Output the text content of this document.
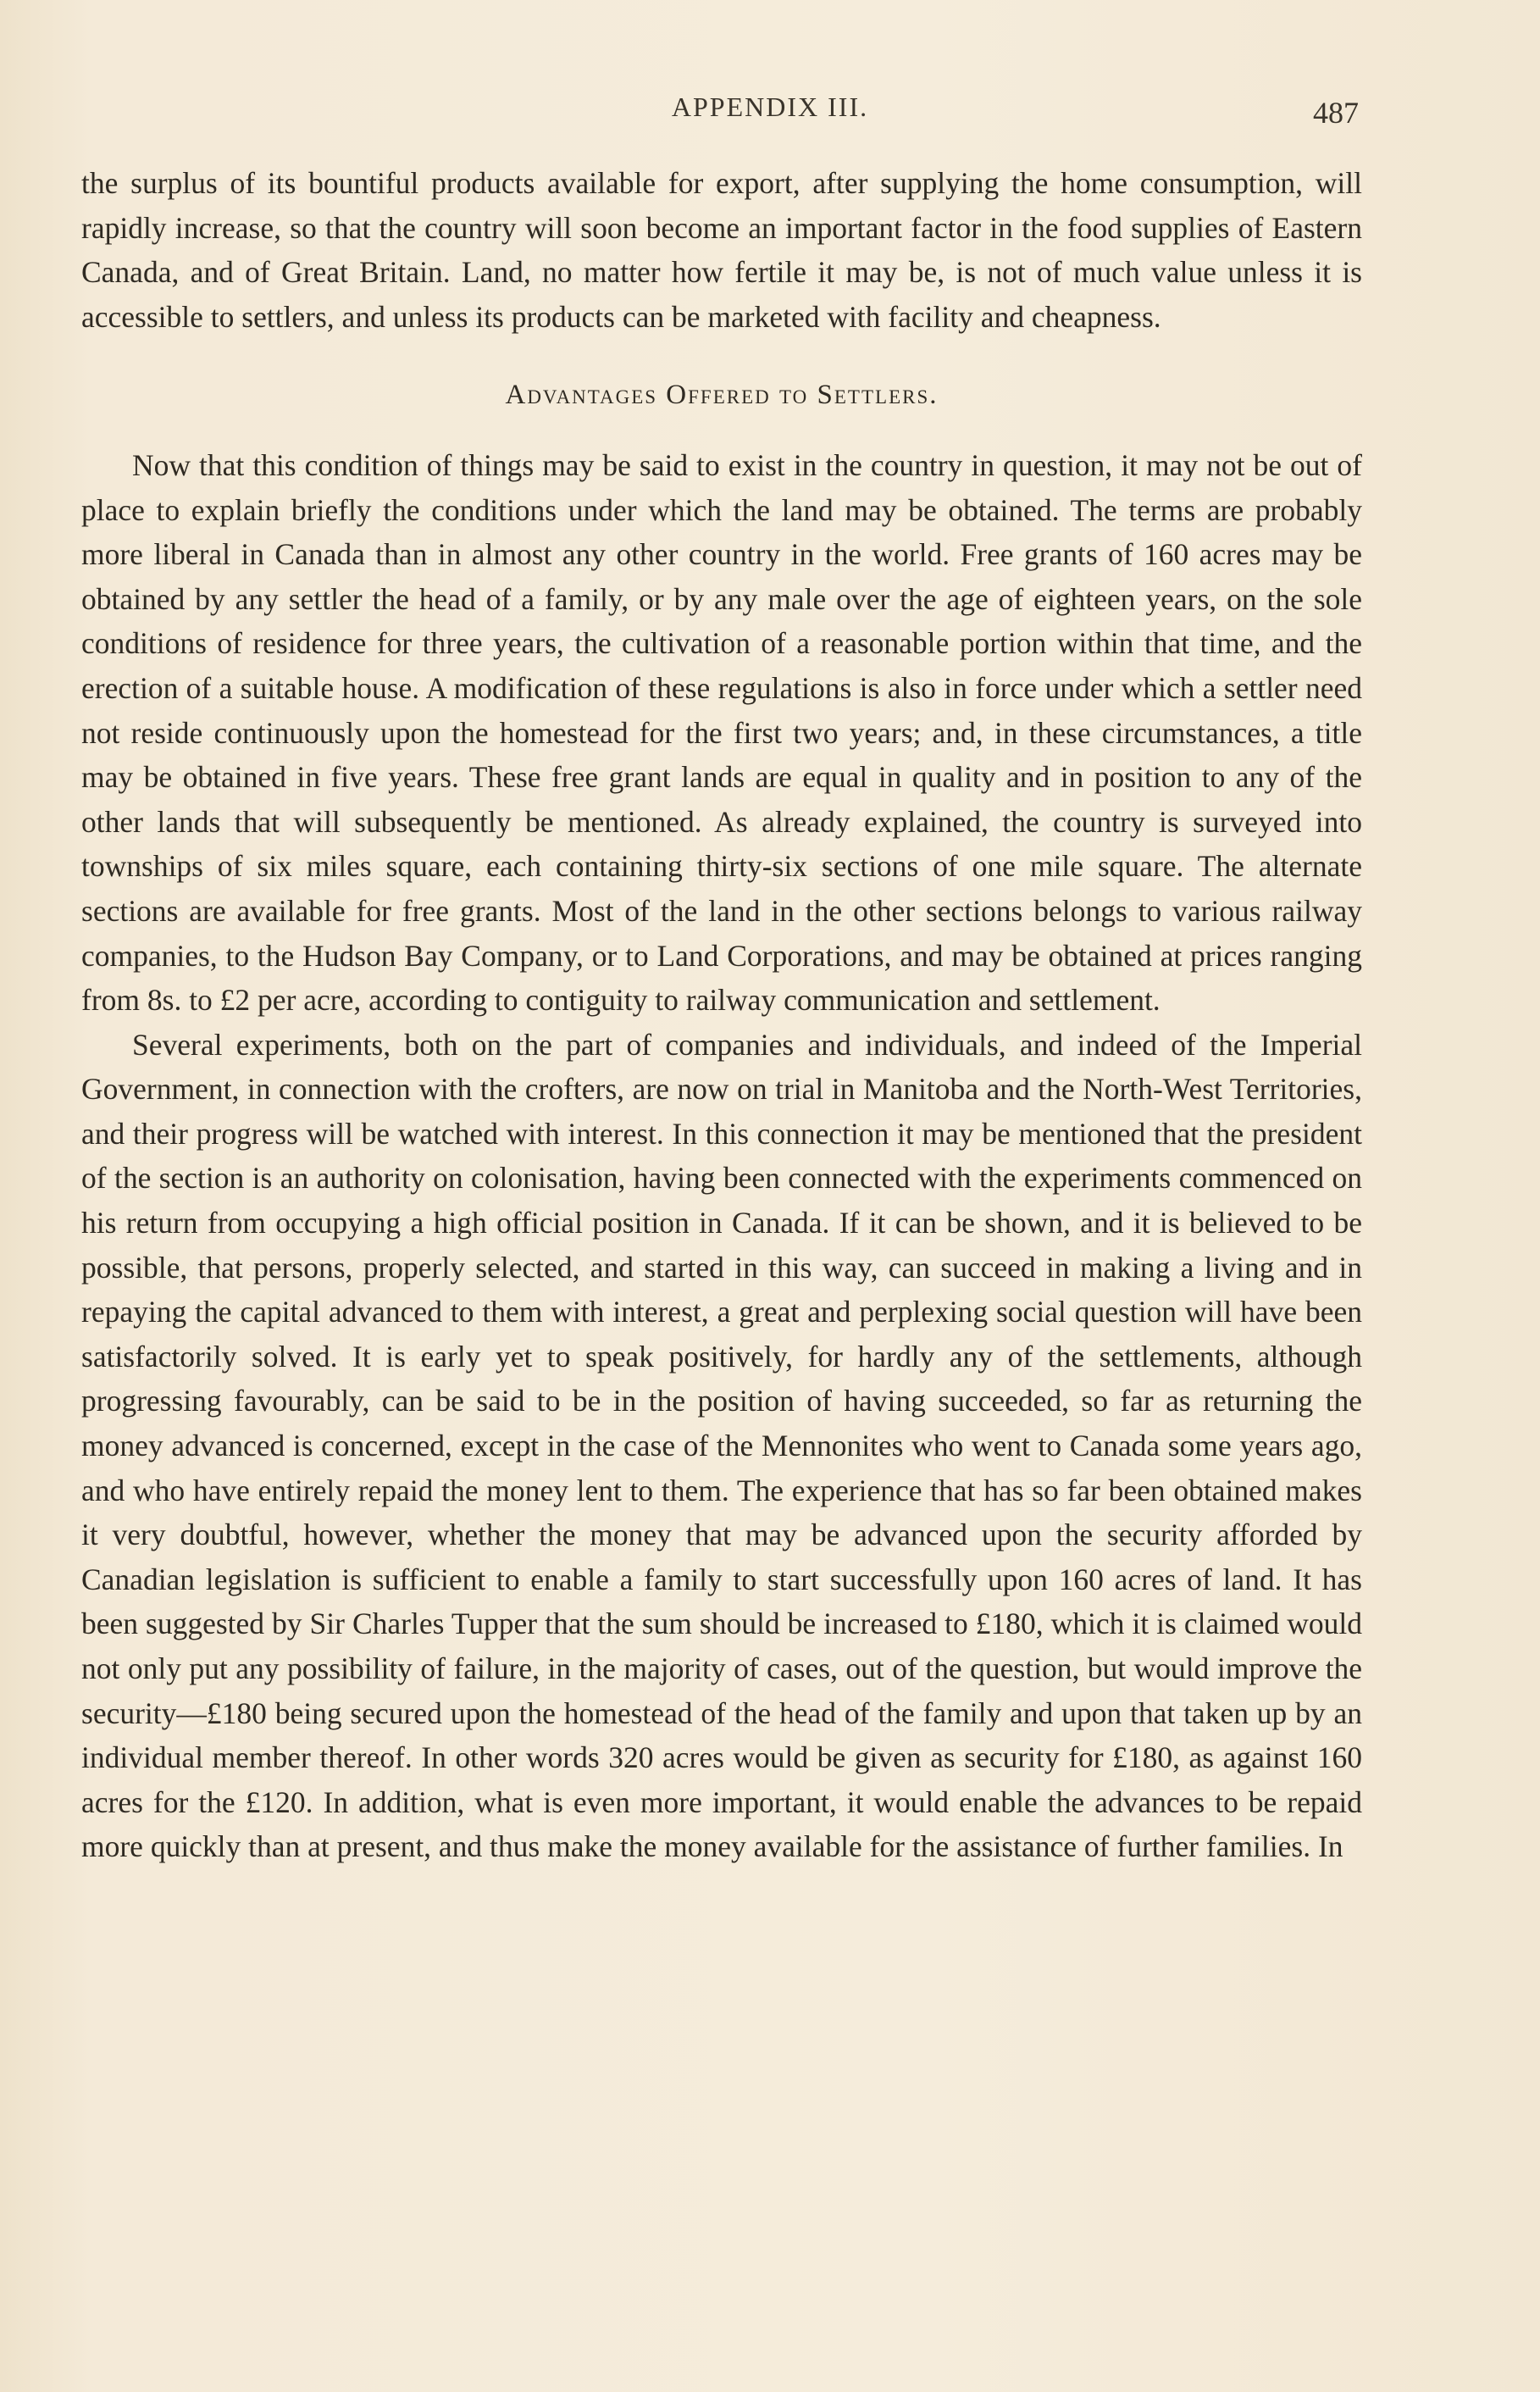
APPENDIX III.	487

the surplus of its bountiful products available for export, after supplying the home consumption, will rapidly increase, so that the country will soon become an important factor in the food supplies of Eastern Canada, and of Great Britain. Land, no matter how fertile it may be, is not of much value unless it is accessible to settlers, and unless its products can be marketed with facility and cheapness.

Advantages Offered to Settlers.

Now that this condition of things may be said to exist in the country in question, it may not be out of place to explain briefly the conditions under which the land may be obtained. The terms are probably more liberal in Canada than in almost any other country in the world. Free grants of 160 acres may be obtained by any settler the head of a family, or by any male over the age of eighteen years, on the sole conditions of residence for three years, the cultivation of a reasonable portion within that time, and the erection of a suitable house. A modification of these regulations is also in force under which a settler need not reside continuously upon the homestead for the first two years; and, in these circumstances, a title may be obtained in five years. These free grant lands are equal in quality and in position to any of the other lands that will subsequently be mentioned. As already explained, the country is surveyed into townships of six miles square, each containing thirty-six sections of one mile square. The alternate sections are available for free grants. Most of the land in the other sections belongs to various railway companies, to the Hudson Bay Company, or to Land Corporations, and may be obtained at prices ranging from 8s. to £2 per acre, according to contiguity to railway communication and settlement.

Several experiments, both on the part of companies and individuals, and indeed of the Imperial Government, in connection with the crofters, are now on trial in Manitoba and the North-West Territories, and their progress will be watched with interest. In this connection it may be mentioned that the president of the section is an authority on colonisation, having been connected with the experiments commenced on his return from occupying a high official position in Canada. If it can be shown, and it is believed to be possible, that persons, properly selected, and started in this way, can succeed in making a living and in repaying the capital advanced to them with interest, a great and perplexing social question will have been satisfactorily solved. It is early yet to speak positively, for hardly any of the settlements, although progressing favourably, can be said to be in the position of having succeeded, so far as returning the money advanced is concerned, except in the case of the Mennonites who went to Canada some years ago, and who have entirely repaid the money lent to them. The experience that has so far been obtained makes it very doubtful, however, whether the money that may be advanced upon the security afforded by Canadian legislation is sufficient to enable a family to start successfully upon 160 acres of land. It has been suggested by Sir Charles Tupper that the sum should be increased to £180, which it is claimed would not only put any possibility of failure, in the majority of cases, out of the question, but would improve the security—£180 being secured upon the homestead of the head of the family and upon that taken up by an individual member thereof. In other words 320 acres would be given as security for £180, as against 160 acres for the £120. In addition, what is even more important, it would enable the advances to be repaid more quickly than at present, and thus make the money available for the assistance of further families. In
